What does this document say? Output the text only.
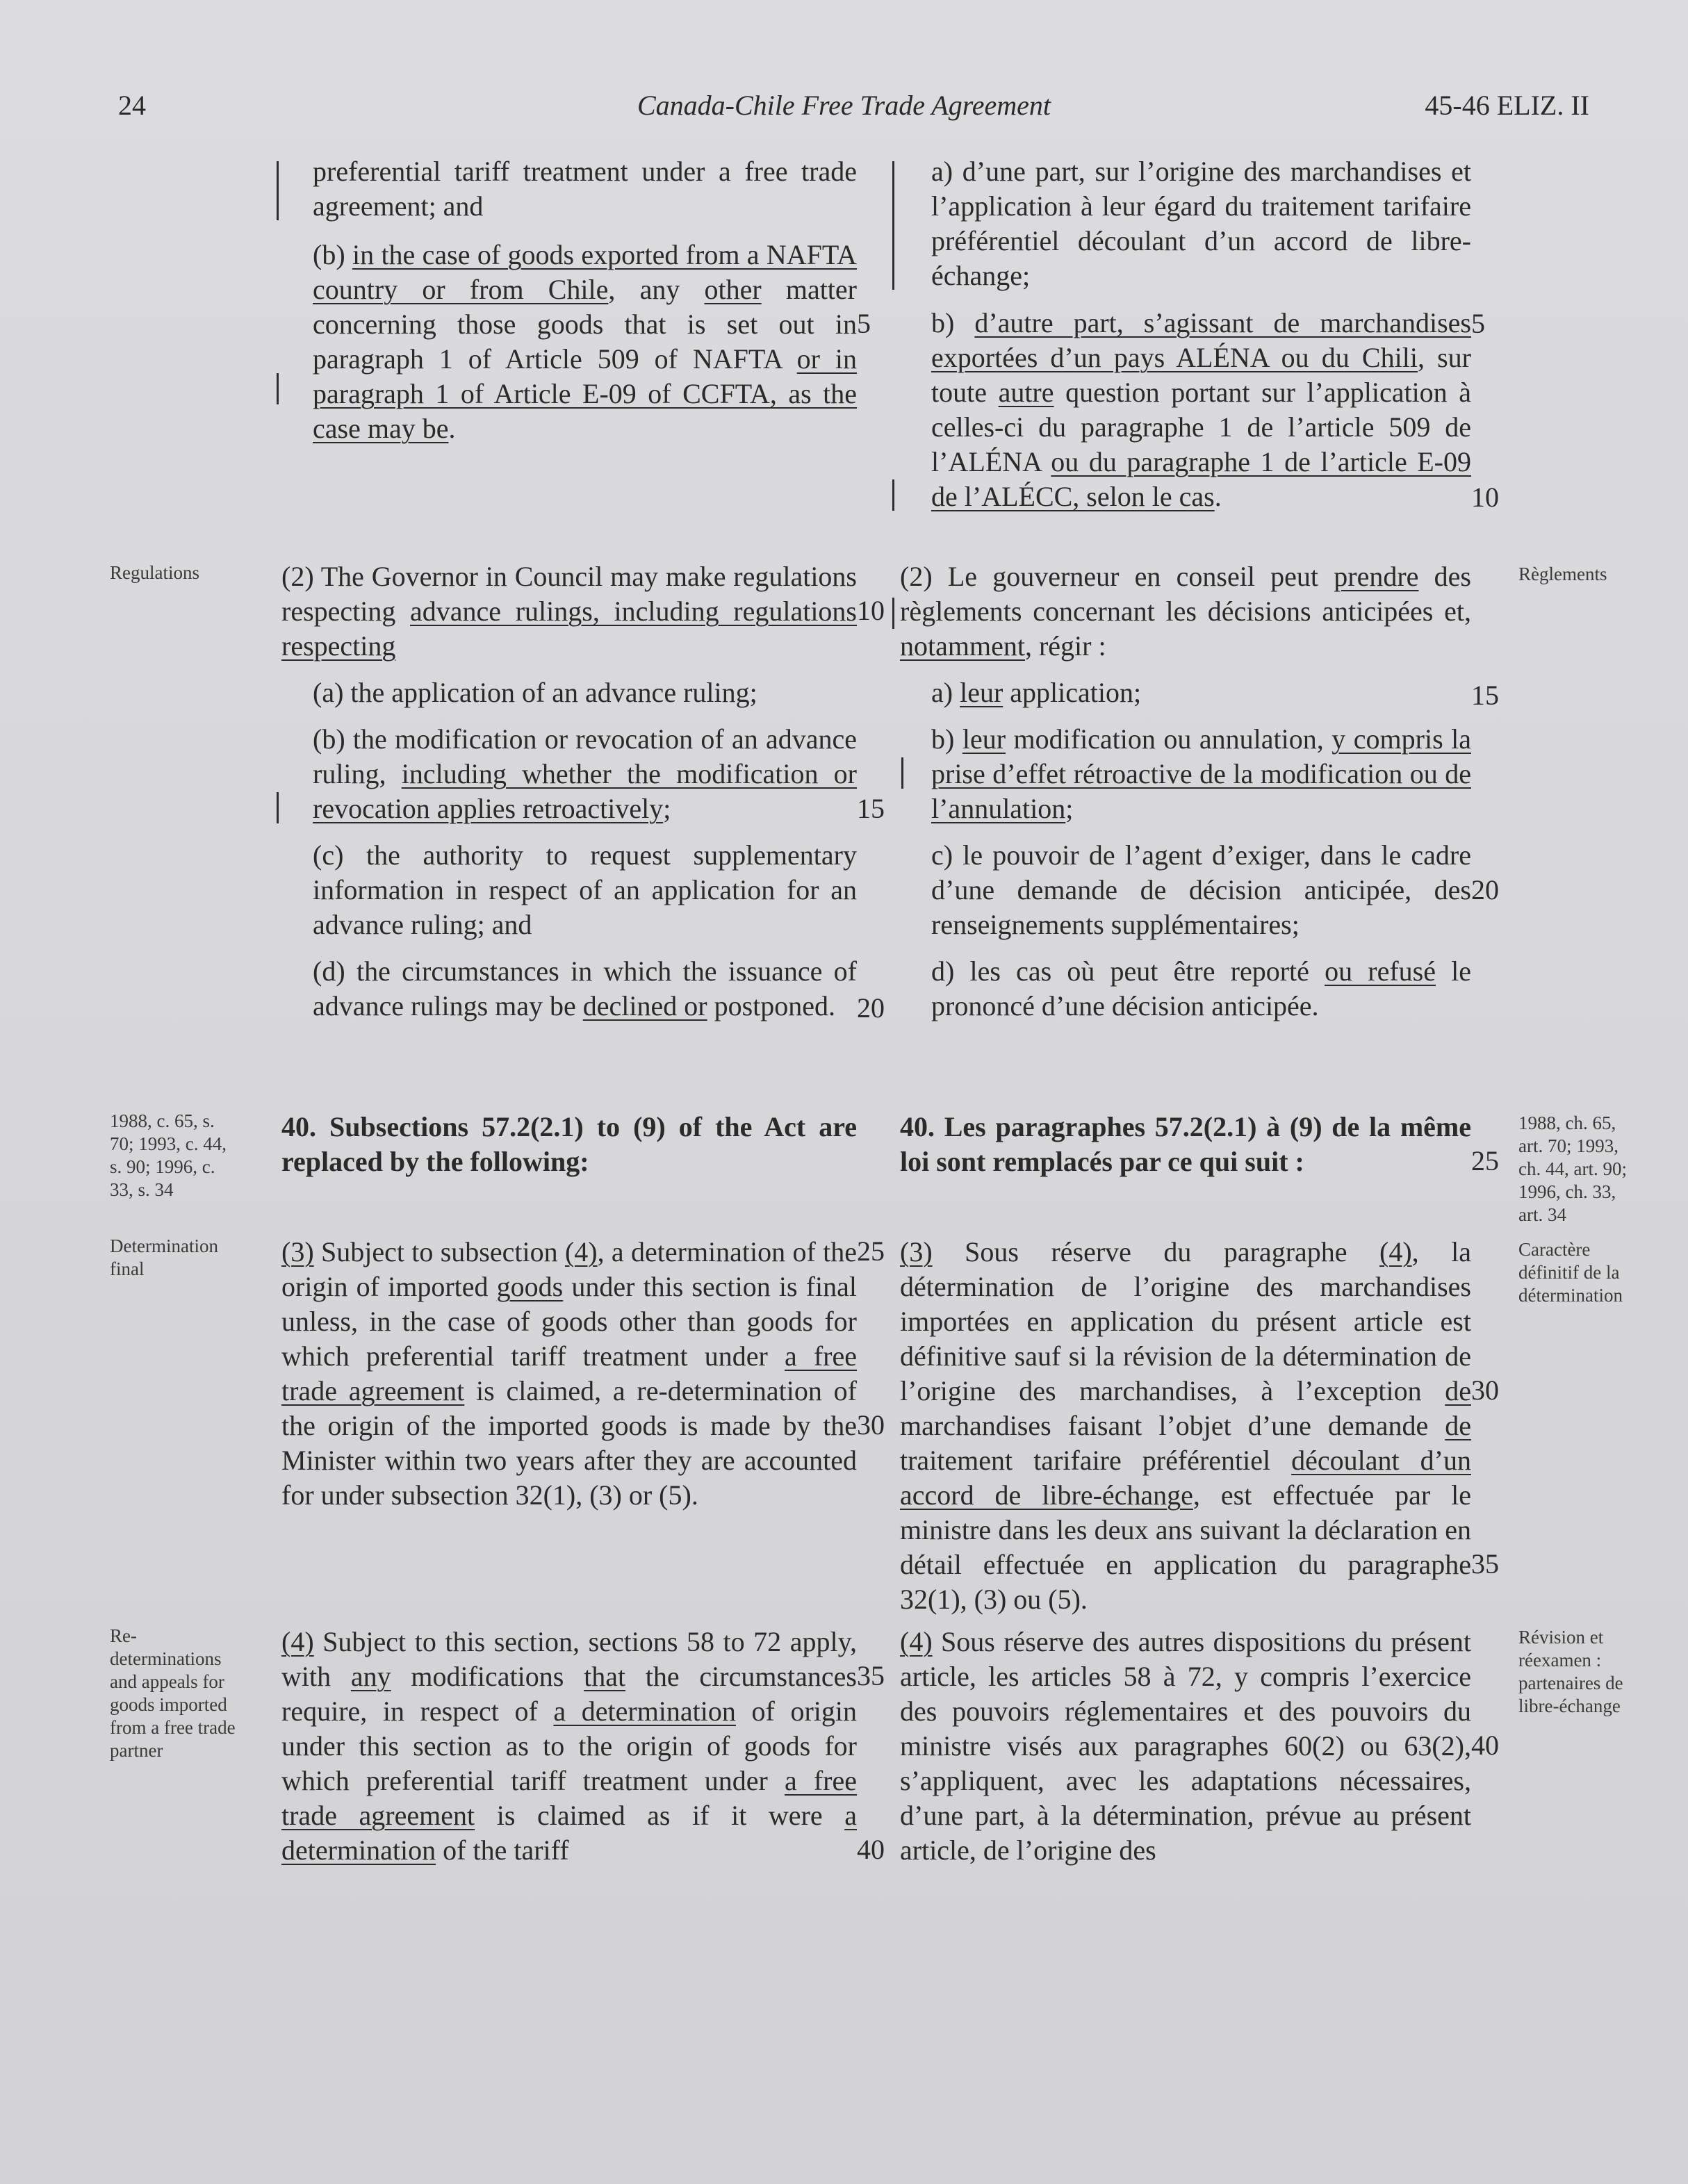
24	Canada-Chile Free Trade Agreement	45-46 ELIZ. II

preferential tariff treatment under a free trade agreement; and

(b) in the case of goods exported from a NAFTA country or from Chile, any other matter concerning those goods that is set out in paragraph 1 of Article 509 of NAFTA or in paragraph 1 of Article E-09 of CCFTA, as the case may be.

(2) The Governor in Council may make regulations respecting advance rulings, including regulations respecting

(a) the application of an advance ruling;

(b) the modification or revocation of an advance ruling, including whether the modification or revocation applies retroactively;

(c) the authority to request supplementary information in respect of an application for an advance ruling; and

(d) the circumstances in which the issuance of advance rulings may be declined or postponed.

40. Subsections 57.2(2.1) to (9) of the Act are replaced by the following:

(3) Subject to subsection (4), a determination of the origin of imported goods under this section is final unless, in the case of goods other than goods for which preferential tariff treatment under a free trade agreement is claimed, a re-determination of the origin of the imported goods is made by the Minister within two years after they are accounted for under subsection 32(1), (3) or (5).

(4) Subject to this section, sections 58 to 72 apply, with any modifications that the circumstances require, in respect of a determination of origin under this section as to the origin of goods for which preferential tariff treatment under a free trade agreement is claimed as if it were a determination of the tariff

5
10
15
20
25
30
35
40

a) d’une part, sur l’origine des marchandises et l’application à leur égard du traitement tarifaire préférentiel découlant d’un accord de libre-échange;

b) d’autre part, s’agissant de marchandises exportées d’un pays ALÉNA ou du Chili, sur toute autre question portant sur l’application à celles-ci du paragraphe 1 de l’article 509 de l’ALÉNA ou du paragraphe 1 de l’article E-09 de l’ALÉCC, selon le cas.

(2) Le gouverneur en conseil peut prendre des règlements concernant les décisions anticipées et, notamment, régir :

a) leur application;

b) leur modification ou annulation, y compris la prise d’effet rétroactive de la modification ou de l’annulation;

c) le pouvoir de l’agent d’exiger, dans le cadre d’une demande de décision anticipée, des renseignements supplémentaires;

d) les cas où peut être reporté ou refusé le prononcé d’une décision anticipée.

40. Les paragraphes 57.2(2.1) à (9) de la même loi sont remplacés par ce qui suit :

(3) Sous réserve du paragraphe (4), la détermination de l’origine des marchandises importées en application du présent article est définitive sauf si la révision de la détermination de l’origine des marchandises, à l’exception de marchandises faisant l’objet d’une demande de traitement tarifaire préférentiel découlant d’un accord de libre-échange, est effectuée par le ministre dans les deux ans suivant la déclaration en détail effectuée en application du paragraphe 32(1), (3) ou (5).

(4) Sous réserve des autres dispositions du présent article, les articles 58 à 72, y compris l’exercice des pouvoirs réglementaires et des pouvoirs du ministre visés aux paragraphes 60(2) ou 63(2), s’appliquent, avec les adaptations nécessaires, d’une part, à la détermination, prévue au présent article, de l’origine des

5
10
15
20
25
30
35
40
Regulations
1988, c. 65, s. 70; 1993, c. 44, s. 90; 1996, c. 33, s. 34
Determination final
Re-determinations and appeals for goods imported from a free trade partner
Règlements
1988, ch. 65, art. 70; 1993, ch. 44, art. 90; 1996, ch. 33, art. 34
Caractère définitif de la détermination
Révision et réexamen : partenaires de libre-échange
